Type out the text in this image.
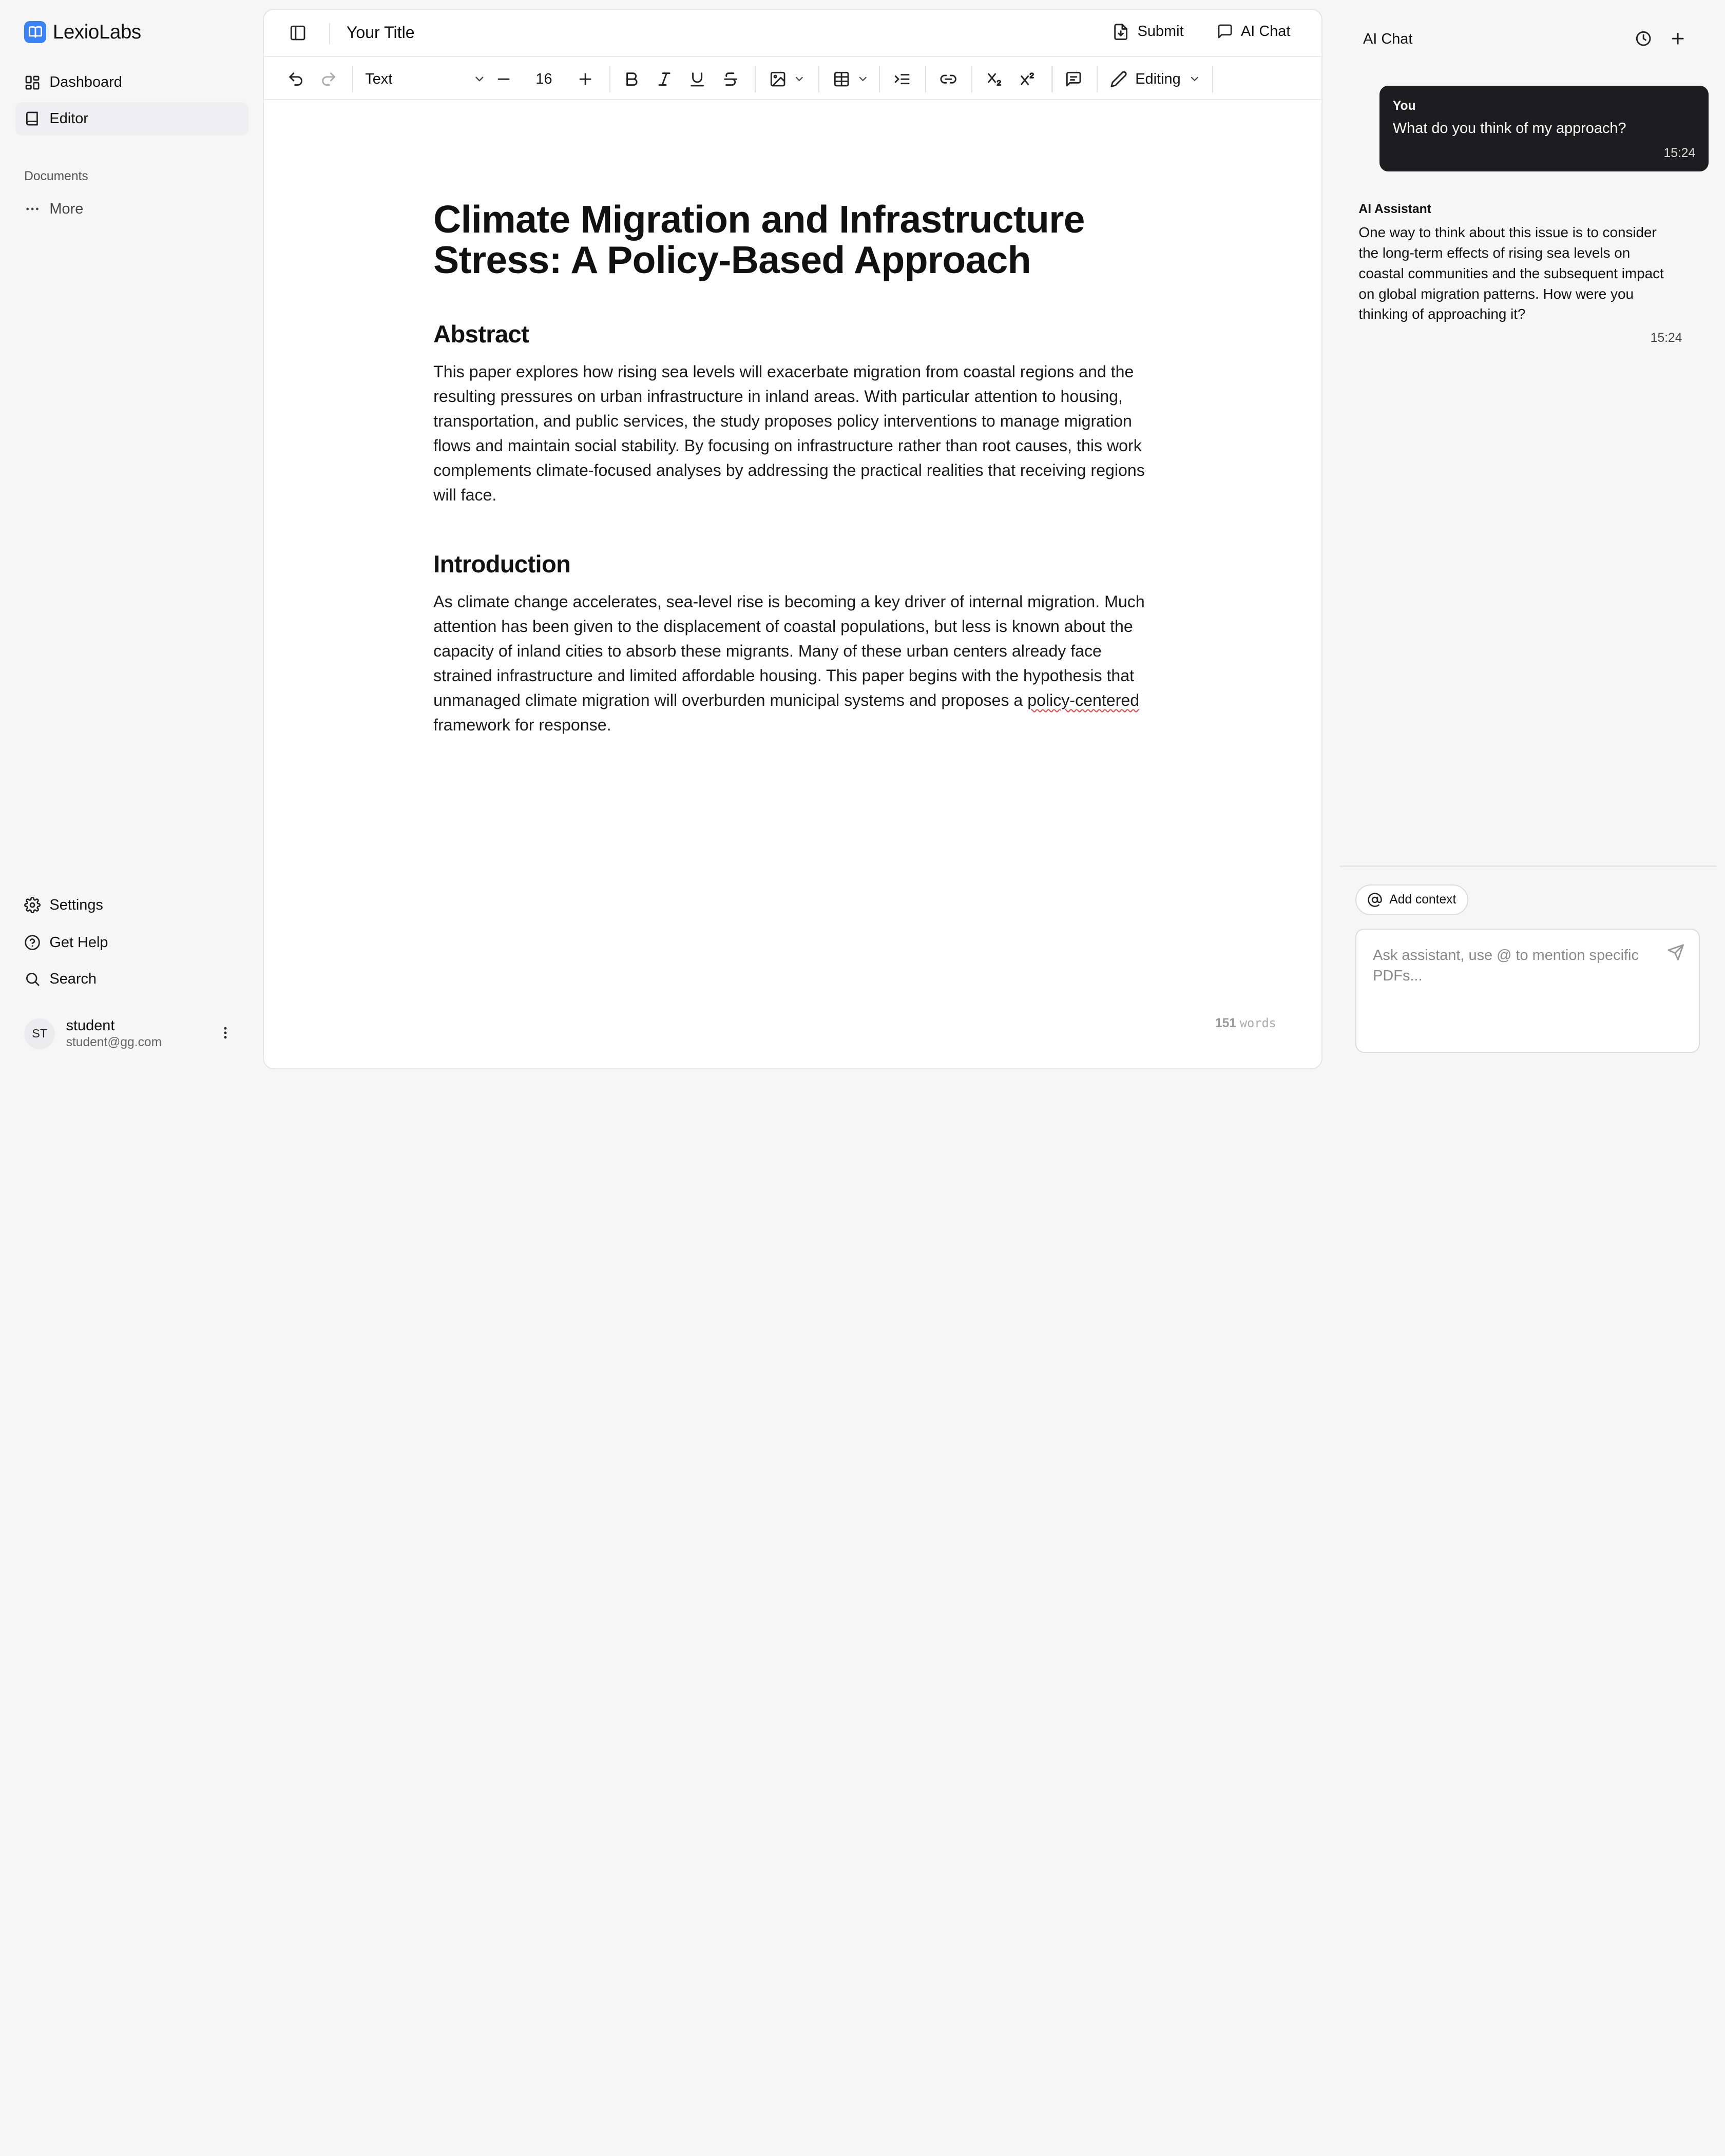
LexioLabs
Dashboard
Editor
Documents
More
Settings
Get Help
Search
ST	student
student@gg.com
Your Title	Submit	AI Chat
Text	16	Editing
Climate Migration and Infrastructure Stress: A Policy-Based Approach
Abstract

This paper explores how rising sea levels will exacerbate migration from coastal regions and the resulting pressures on urban infrastructure in inland areas. With particular attention to housing, transportation, and public services, the study proposes policy interventions to manage migration flows and maintain social stability. By focusing on infrastructure rather than root causes, this work complements climate-focused analyses by addressing the practical realities that receiving regions will face.

Introduction

As climate change accelerates, sea-level rise is becoming a key driver of internal migration. Much attention has been given to the displacement of coastal populations, but less is known about the capacity of inland cities to absorb these migrants. Many of these urban centers already face strained infrastructure and limited affordable housing. This paper begins with the hypothesis that unmanaged climate migration will overburden municipal systems and proposes a policy-centered framework for response.

151 words
AI Chat
You
What do you think of my approach?
15:24
AI Assistant
One way to think about this issue is to consider the long-term effects of rising sea levels on coastal communities and the subsequent impact on global migration patterns. How were you thinking of approaching it?
15:24
Add context
Ask assistant, use @ to mention specific PDFs...
